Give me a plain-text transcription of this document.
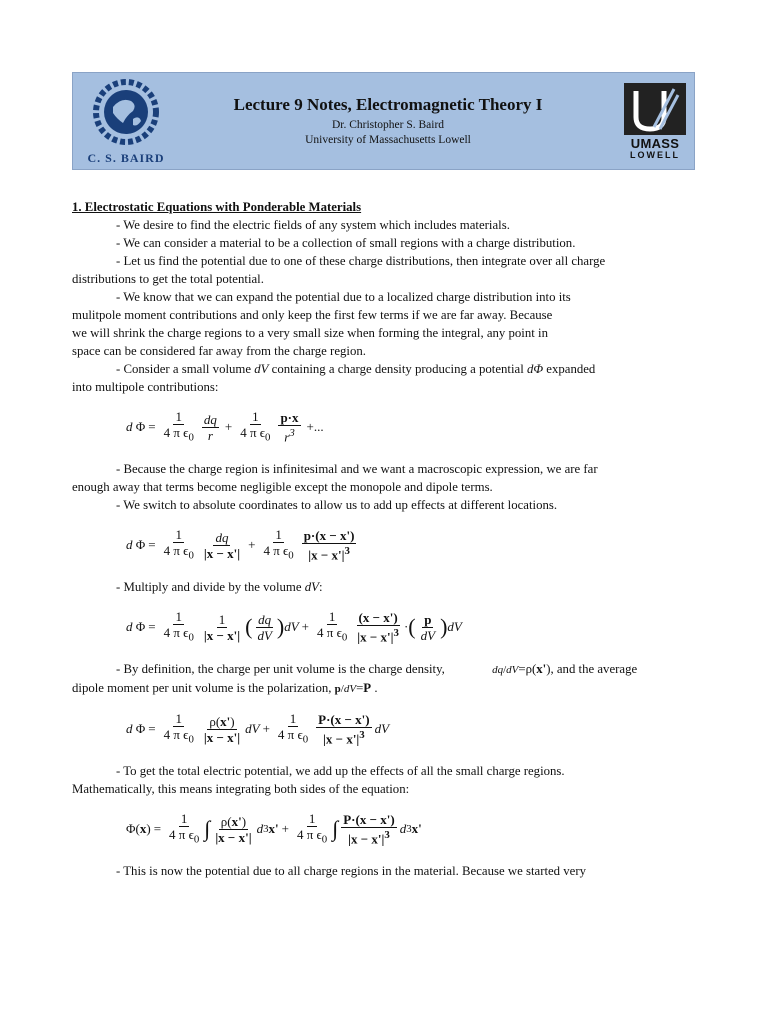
C. S. BAIRD
Lecture 9 Notes, Electromagnetic Theory I
Dr. Christopher S. Baird
University of Massachusetts Lowell	UMASS
LOWELL
1. Electrostatic Equations with Ponderable Materials

- We desire to find the electric fields of any system which includes materials.

- We can consider a material to be a collection of small regions with a charge distribution.

- Let us find the potential due to one of these charge distributions, then integrate over all charge

distributions to get the total potential.

- We know that we can expand the potential due to a localized charge distribution into its

mulitpole moment contributions and only keep the first few terms if we are far away. Because

we will shrink the charge regions to a very small size when forming the integral, any point in

space can be considered far away from the charge region.

- Consider a small volume dV containing a charge density producing a potential dΦ expanded

into multipole contributions:

d $\Phi = \frac{1}{4 \pi \epsilon_0} \frac{dq}{r} + \frac{1}{4 \pi \epsilon_0} \frac{p\cdot x}{r^3}$ +...

- Because the charge region is infinitesimal and we want a macroscopic expression, we are far

enough away that terms become negligible except the monopole and dipole terms.

- We switch to absolute coordinates to allow us to add up effects at different locations.

d $\Phi = \frac{1}{4 \pi \epsilon_0} \frac{dq}{|x - x'|} + \frac{1}{4 \pi \epsilon_0} \frac{p\cdot(x - x')}{|x - x'|^3}$

- Multiply and divide by the volume dV:

d $\Phi = \frac{1}{4 \pi \epsilon_0} \frac{1}{|x - x'|}$ ( $\frac{dq}{dV}$ ) dV + $\frac{1}{4 \pi \epsilon_0} \frac{(x - x')}{|x - x'|^3}$ · ( $\frac{p}{dV}$ ) dV

- By definition, the charge per unit volume is the charge density,	dq/dV=ρ(x'), and the average

dipole moment per unit volume is the polarization, p/dV=P .

d $\Phi = \frac{1}{4 \pi \epsilon_0} \frac{\rho(x')}{|x - x'|}$ dV + $\frac{1}{4 \pi \epsilon_0} \frac{P\cdot(x - x')}{|x - x'|^3}$ dV

- To get the total electric potential, we add up the effects of all the small charge regions.

Mathematically, this means integrating both sides of the equation:

Φ( x ) = $\frac{1}{4 \pi \epsilon_0}$ ∫ $\frac{\rho(x')}{|x - x'|}$ d 3 $x' + \frac{1}{4 \pi \epsilon_0}$ ∫ $\frac{P\cdot(x - x')}{|x - x'|^3}$ d 3 x'

- This is now the potential due to all charge regions in the material. Because we started very
